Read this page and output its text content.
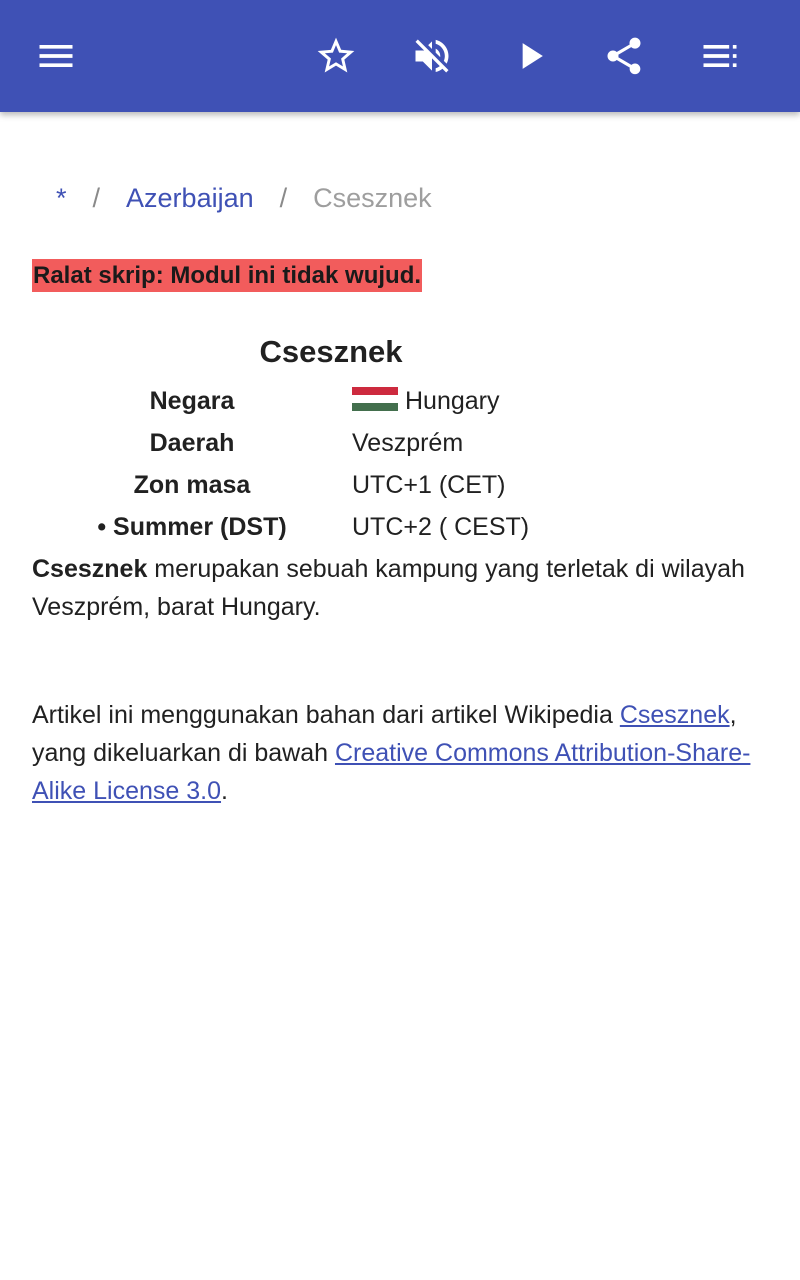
* / Azerbaijan / Csesznek
Ralat skrip: Modul ini tidak wujud.
Csesznek
Negara	Hungary
Daerah	Veszprém
Zon masa	UTC+1 (CET)
• Summer (DST)	UTC+2 ( CEST)
Csesznek merupakan sebuah kampung yang terletak di wilayah Veszprém, barat Hungary.
Artikel ini menggunakan bahan dari artikel Wikipedia Csesznek, yang dikeluarkan di bawah Creative Commons Attribution-Share-Alike License 3.0.
